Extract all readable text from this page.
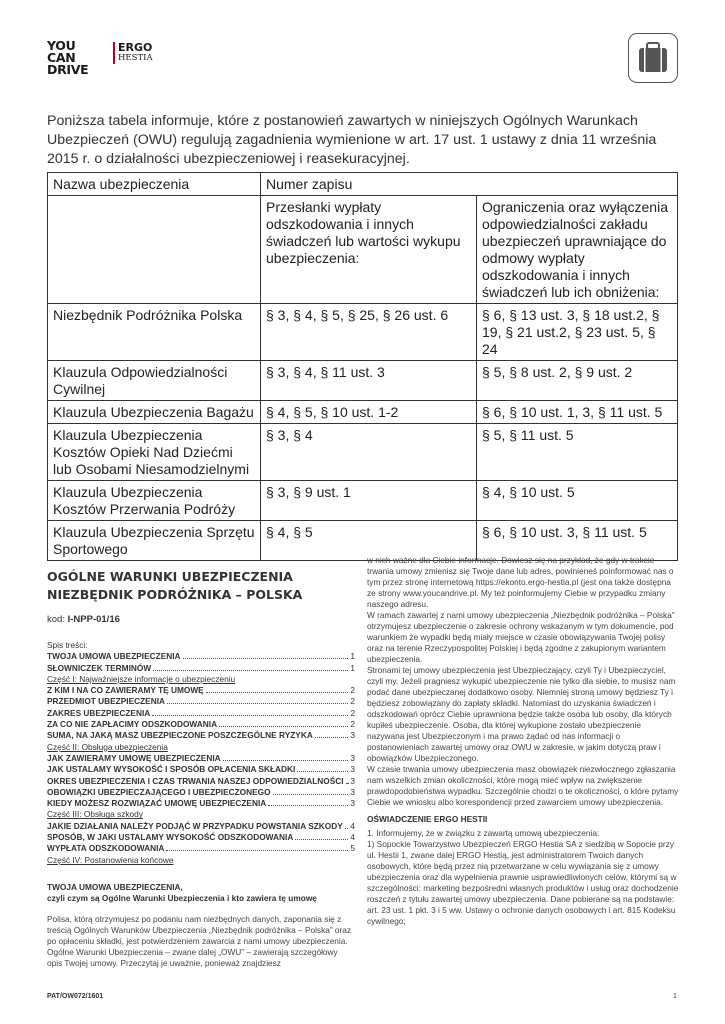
YOU
CAN
DRIVE
ERGO
HESTIA
Poniższa tabela informuje, które z postanowień zawartych w niniejszych Ogólnych Warunkach Ubezpieczeń (OWU) regulują zagadnienia wymienione w art. 17 ust. 1 ustawy z dnia 11 września 2015 r. o działalności ubezpieczeniowej i reasekuracyjnej.
Nazwa ubezpieczenia	Numer zapisu	
	Przesłanki wypłaty odszkodowania i innych świadczeń lub wartości wykupu ubezpieczenia:	Ograniczenia oraz wyłączenia odpowiedzialności zakładu ubezpieczeń uprawniające do odmowy wypłaty odszkodowania i innych świadczeń lub ich obniżenia:
Niezbędnik Podróżnika Polska	§ 3, § 4, § 5, § 25, § 26 ust. 6	§ 6, § 13 ust. 3, § 18 ust.2, § 19, § 21 ust.2, § 23 ust. 5, § 24
Klauzula Odpowiedzialności Cywilnej	§ 3, § 4, § 11 ust. 3	§ 5, § 8 ust. 2, § 9 ust. 2
Klauzula Ubezpieczenia Bagażu	§ 4, § 5, § 10 ust. 1-2	§ 6, § 10 ust. 1, 3, § 11 ust. 5
Klauzula Ubezpieczenia Kosztów Opieki Nad Dziećmi lub Osobami Niesamodzielnymi	§ 3, § 4	§ 5, § 11 ust. 5
Klauzula Ubezpieczenia Kosztów Przerwania Podróży	§ 3, § 9 ust. 1	§ 4, § 10 ust. 5
Klauzula Ubezpieczenia Sprzętu Sportowego	§ 4, § 5	§ 6, § 10 ust. 3, § 11 ust. 5
OGÓLNE WARUNKI UBEZPIECZENIA
NIEZBĘDNIK PODRÓŻNIKA – POLSKA
kod: I-NPP-01/16
Spis treści:
TWOJA UMOWA UBEZPIECZENIA	1
SŁOWNICZEK TERMINÓW	1
Część I: Najważniejsze informacje o ubezpieczeniu
Z KIM I NA CO ZAWIERAMY TĘ UMOWĘ	2
PRZEDMIOT UBEZPIECZENIA	2
ZAKRES UBEZPIECZENIA	2
ZA CO NIE ZAPŁACIMY ODSZKODOWANIA	2
SUMA, NA JAKĄ MASZ UBEZPIECZONE POSZCZEGÓLNE RYZYKA	3
Część II: Obsługa ubezpieczenia
JAK ZAWIERAMY UMOWĘ UBEZPIECZENIA	3
JAK USTALAMY WYSOKOŚĆ I SPOSÓB OPŁACENIA SKŁADKI	3
OKRES UBEZPIECZENIA I CZAS TRWANIA NASZEJ ODPOWIEDZIALNOŚCI 3
OBOWIĄZKI UBEZPIECZAJĄCEGO I UBEZPIECZONEGO	3
KIEDY MOŻESZ ROZWIĄZAĆ UMOWĘ UBEZPIECZENIA	3
Część III: Obsługa szkody
JAKIE DZIAŁANIA NALEŻY PODJĄĆ W PRZYPADKU POWSTANIA SZKODY 4
SPOSÓB, W JAKI USTALAMY WYSOKOŚĆ ODSZKODOWANIA	4
WYPŁATA ODSZKODOWANIA	5
Część IV: Postanowienia końcowe
TWOJA UMOWA UBEZPIECZENIA,
czyli czym są Ogólne Warunki Ubezpieczenia i kto zawiera tę umowę

Polisa, którą otrzymujesz po podaniu nam niezbędnych danych, zaponania się z treścią Ogólnych Warunków Ubezpieczenia „Niezbędnik podróżnika – Polska” oraz po opłaceniu składki, jest potwierdzeniem zawarcia z nami umowy ubezpieczenia.

Ogólne Warunki Ubezpieczenia – zwane dalej „OWU” – zawierają szczegółowy opis Twojej umowy. Przeczytaj je uważnie, ponieważ znajdziesz

w nich ważne dla Ciebie informacje. Dowiesz się na przykład, że gdy w trakcie trwania umowy zmienisz się Twoje dane lub adres, powinieneś poinformować nas o tym przez stronę internetową https://ekonto.ergo-hestia.pl (jest ona także dostępna ze strony www.youcandrive.pl. My też poinformujemy Ciebie w przypadku zmiany naszego adresu.

W ramach zawartej z nami umowy ubezpieczenia „Niezbędnik podróżnika – Polska” otrzymujesz ubezpieczenie o zakresie ochrony wskazanym w tym dokumencie, pod warunkiem że wypadki będą miały miejsce w czasie obowiązywania Twojej polisy oraz na terenie Rzeczypospolitej Polskiej i będą zgodne z zakupionym wariantem ubezpieczenia.

Stronami tej umowy ubezpieczenia jest Ubezpieczający, czyli Ty i Ubezpieczyciel, czyli my. Jeżeli pragniesz wykupić ubezpieczenie nie tylko dla siebie, to musisz nam podać dane ubezpieczanej dodatkowo osoby. Niemniej stroną umowy będziesz Ty i będziesz zobowiązany do zapłaty składki. Natomiast do uzyskania świadczeń i odszkodowań oprócz Ciebie uprawniona będzie także osoba lub osoby, dla których kupiłeś ubezpieczenie. Osoba, dla której wykupione zostało ubezpieczenie nazywana jest Ubezpieczonym i ma prawo żądać od nas informacji o postanowieniach zawartej umowy oraz OWU w zakresie, w jakim dotyczą praw i obowiązków Ubezpieczonego.

W czasie trwania umowy ubezpieczenia masz obowiązek niezwłocznego zgłaszania nam wszelkich zmian okoliczności, które mogą mieć wpływ na zwiększenie prawdopodobieństwa wypadku. Szczególnie chodzi o te okoliczności, o które pytamy Ciebie we wniosku albo korespondencji przed zawarciem umowy ubezpieczenia.

OŚWIADCZENIE ERGO HESTII

1. Informujemy, że w związku z zawartą umową ubezpieczenia:

1) Sopockie Towarzystwo Ubezpieczeń ERGO Hestia SA z siedzibą w Sopocie przy ul. Hestii 1, zwane dalej ERGO Hestią, jest administratorem Twoich danych osobowych, które będą przez nią przetwarzane w celu wywiązania się z umowy ubezpieczenia oraz dla wypełnienia prawnie usprawiedliwionych celów, którymi są w szczególności: marketing bezpośredni własnych produktów i usług oraz dochodzenie roszczeń z tytułu zawartej umowy ubezpieczenia. Dane pobierane są na podstawie: art. 23 ust. 1 pkt. 3 i 5 ww. Ustawy o ochronie danych osobowych i art. 815 Kodeksu cywilnego;

PAT/OW072/1601	1
